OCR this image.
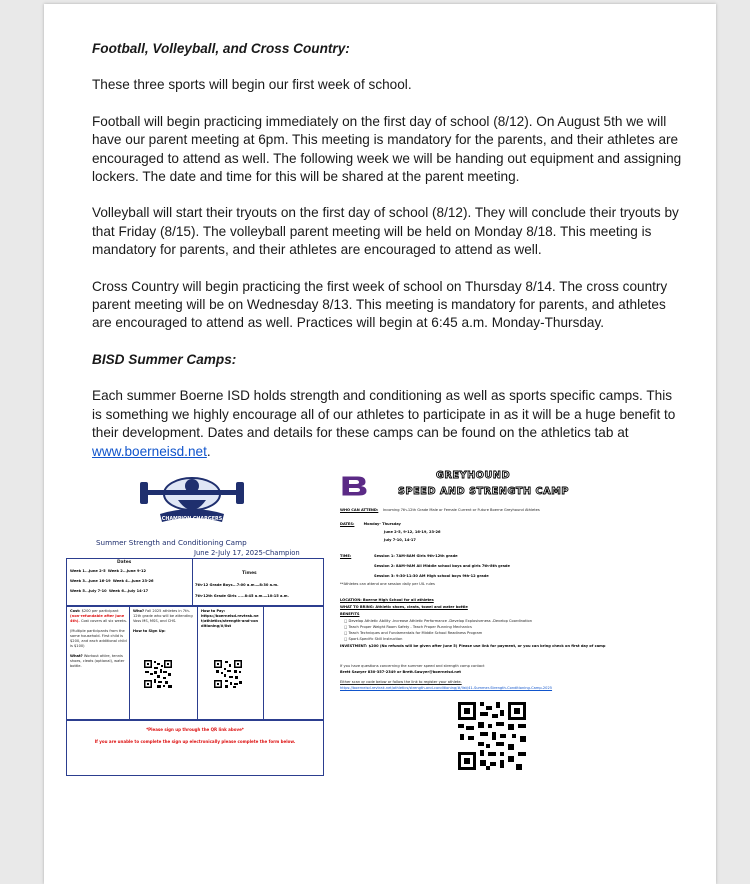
Football, Volleyball, and Cross Country:

These three sports will begin our first week of school.

Football will begin practicing immediately on the first day of school (8/12). On August 5th we will have our parent meeting at 6pm. This meeting is mandatory for the parents, and their athletes are encouraged to attend as well. The following week we will be handing out equipment and assigning lockers. The date and time for this will be shared at the parent meeting.

Volleyball will start their tryouts on the first day of school (8/12). They will conclude their tryouts by that Friday (8/15). The volleyball parent meeting will be held on Monday 8/18. This meeting is mandatory for parents, and their athletes are encouraged to attend as well.

Cross Country will begin practicing the first week of school on Thursday 8/14. The cross country parent meeting will be on Wednesday 8/13. This meeting is mandatory for parents, and athletes are encouraged to attend as well. Practices will begin at 6:45 a.m. Monday-Thursday.

BISD Summer Camps:

Each summer Boerne ISD holds strength and conditioning as well as sports specific camps. This is something we highly encourage all of our athletes to participate in as it will be a huge benefit to their development. Dates and details for these camps can be found on the athletics tab at www.boerneisd.net.

CHAMPION CHARGERS
Summer Strength and Conditioning Camp
June 2-July 17, 2025-Champion
Dates
Week 1...June 2-5 Week 2...June 9-12
Week 3...June 16-19 Week 4...June 23-26
Week 5...July 7-10 Week 6...July 14-17
Times
7th-12 Grade Boys...7:00 a.m.—8:30 a.m.
7th-12th Grade Girls .....8:45 a.m.—10:15 a.m.
Cost: $200 per participant (non-refundable after June 4th). Cost covers all six weeks.

(Multiple participants from the same household. First child is $200, and each additional child is $100)

What? Workout attire, tennis shoes, cleats (optional), water bottle.
Who? Fall 2025 athletes in 7th-12th grade who will be attending Voss MS, MSS, and CHS.

How to Sign Up:
How to Pay:
https://boerneisd.revtrak.net/athletics/strength-and-conditioning/#/list
*Please sign up through the QR link above*
If you are unable to complete the sign up electronically please complete the form below.
GREYHOUND
SPEED AND STRENGTH CAMP
WHO CAN ATTEND: Incoming 7th-12th Grade Male or Female Current or Future Boerne Greyhound Athletes
DATES:	Monday- Thursday
June 2-5, 9-12, 16-19, 23-26
July 7-10, 14-17
TIME:	Session 1: 7AM-8AM Girls 9th-12th grade
Session 2: 8AM-9AM All Middle school boys and girls 7th-8th grade
Session 3: 9:30-11:30 AM High school boys 9th-12 grade
**Athletes can attend one session daily per UIL rules
LOCATION: Boerne High School for all athletes
WHAT TO BRING: Athletic shoes, cleats, towel and water bottle
BENEFITS
□ Develop Athletic Ability -Increase Athletic Performance -Develop Explosiveness -Develop Coordination
□ Teach Proper Weight Room Safety - Teach Proper Running Mechanics
□ Teach Techniques and Fundamentals for Middle School Readiness Program
□ Sport-Specific Skill Instruction
INVESTMENT: $200 (No refunds will be given after June 5) Please use link for payment, or you can bring check on first day of camp
If you have questions concerning the summer speed and strength camp contact
Brett Sawyer 830-357-2349 or Brett.Sawyer@boerneisd.net
Either scan qr code below or follow the link to register your athlete.
https://boerneisd.revtrak.net/athletics/strength-and-conditioning/#/list/41-Summer-Strength-Conditioning-Camp-2025
